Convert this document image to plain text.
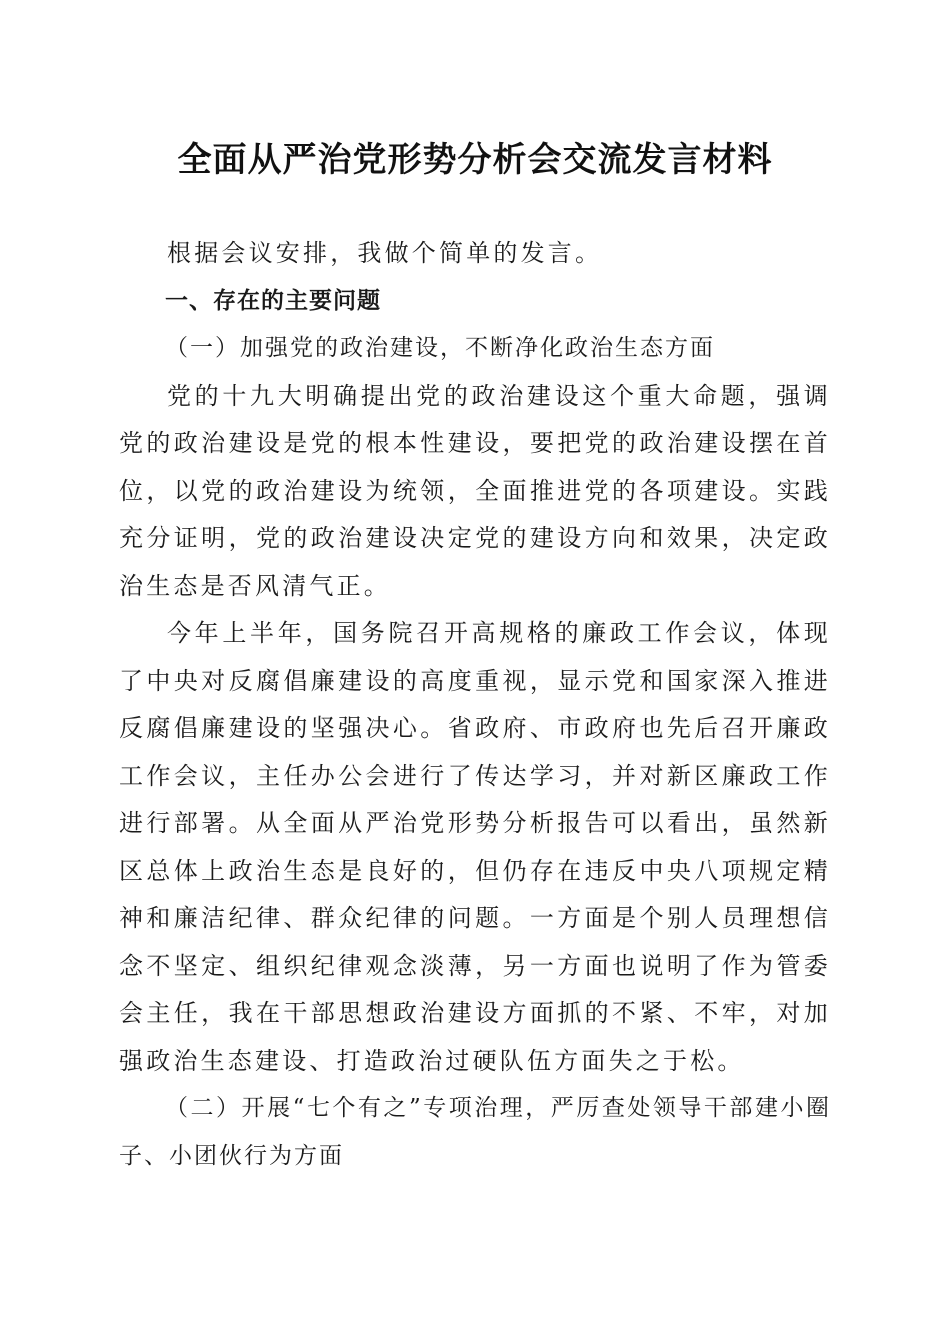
全面从严治党形势分析会交流发言材料

根据会议安排，我做个简单的发言。

一、存在的主要问题

（一）加强党的政治建设，不断净化政治生态方面

党的十九大明确提出党的政治建设这个重大命题，强调党的政治建设是党的根本性建设，要把党的政治建设摆在首位，以党的政治建设为统领，全面推进党的各项建设。实践充分证明，党的政治建设决定党的建设方向和效果，决定政治生态是否风清气正。

今年上半年，国务院召开高规格的廉政工作会议，体现了中央对反腐倡廉建设的高度重视，显示党和国家深入推进反腐倡廉建设的坚强决心。省政府、市政府也先后召开廉政工作会议，主任办公会进行了传达学习，并对新区廉政工作进行部署。从全面从严治党形势分析报告可以看出，虽然新区总体上政治生态是良好的，但仍存在违反中央八项规定精神和廉洁纪律、群众纪律的问题。一方面是个别人员理想信念不坚定、组织纪律观念淡薄，另一方面也说明了作为管委会主任，我在干部思想政治建设方面抓的不紧、不牢，对加强政治生态建设、打造政治过硬队伍方面失之于松。

（二）开展“七个有之”专项治理，严厉查处领导干部建小圈子、小团伙行为方面
